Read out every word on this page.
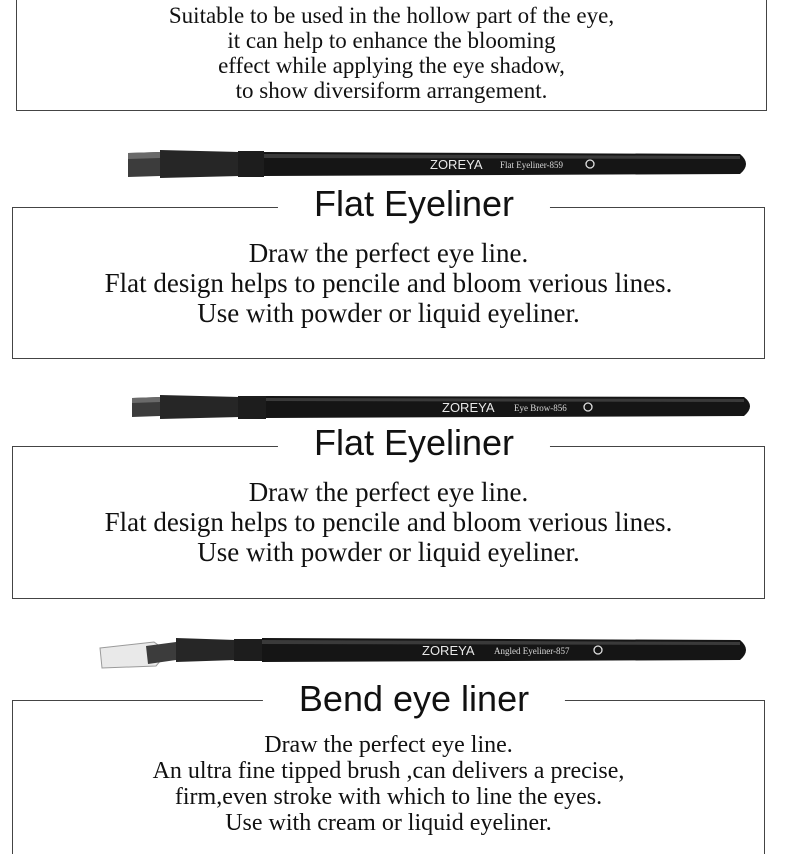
Suitable to be used in the hollow part of the eye,
it can help to enhance the blooming
effect while applying the eye shadow,
to show diversiform arrangement.
ZOREYA Flat Eyeliner-859
Draw the perfect eye line.
Flat design helps to pencile and bloom verious lines.
Use with powder or liquid eyeliner.
Flat Eyeliner
ZOREYA Eye Brow-856
Draw the perfect eye line.
Flat design helps to pencile and bloom verious lines.
Use with powder or liquid eyeliner.
Flat Eyeliner
ZOREYA Angled Eyeliner-857
Draw the perfect eye line.
An ultra fine tipped brush ,can delivers a precise,
firm,even stroke with which to line the eyes.
Use with cream or liquid eyeliner.
Bend eye liner
